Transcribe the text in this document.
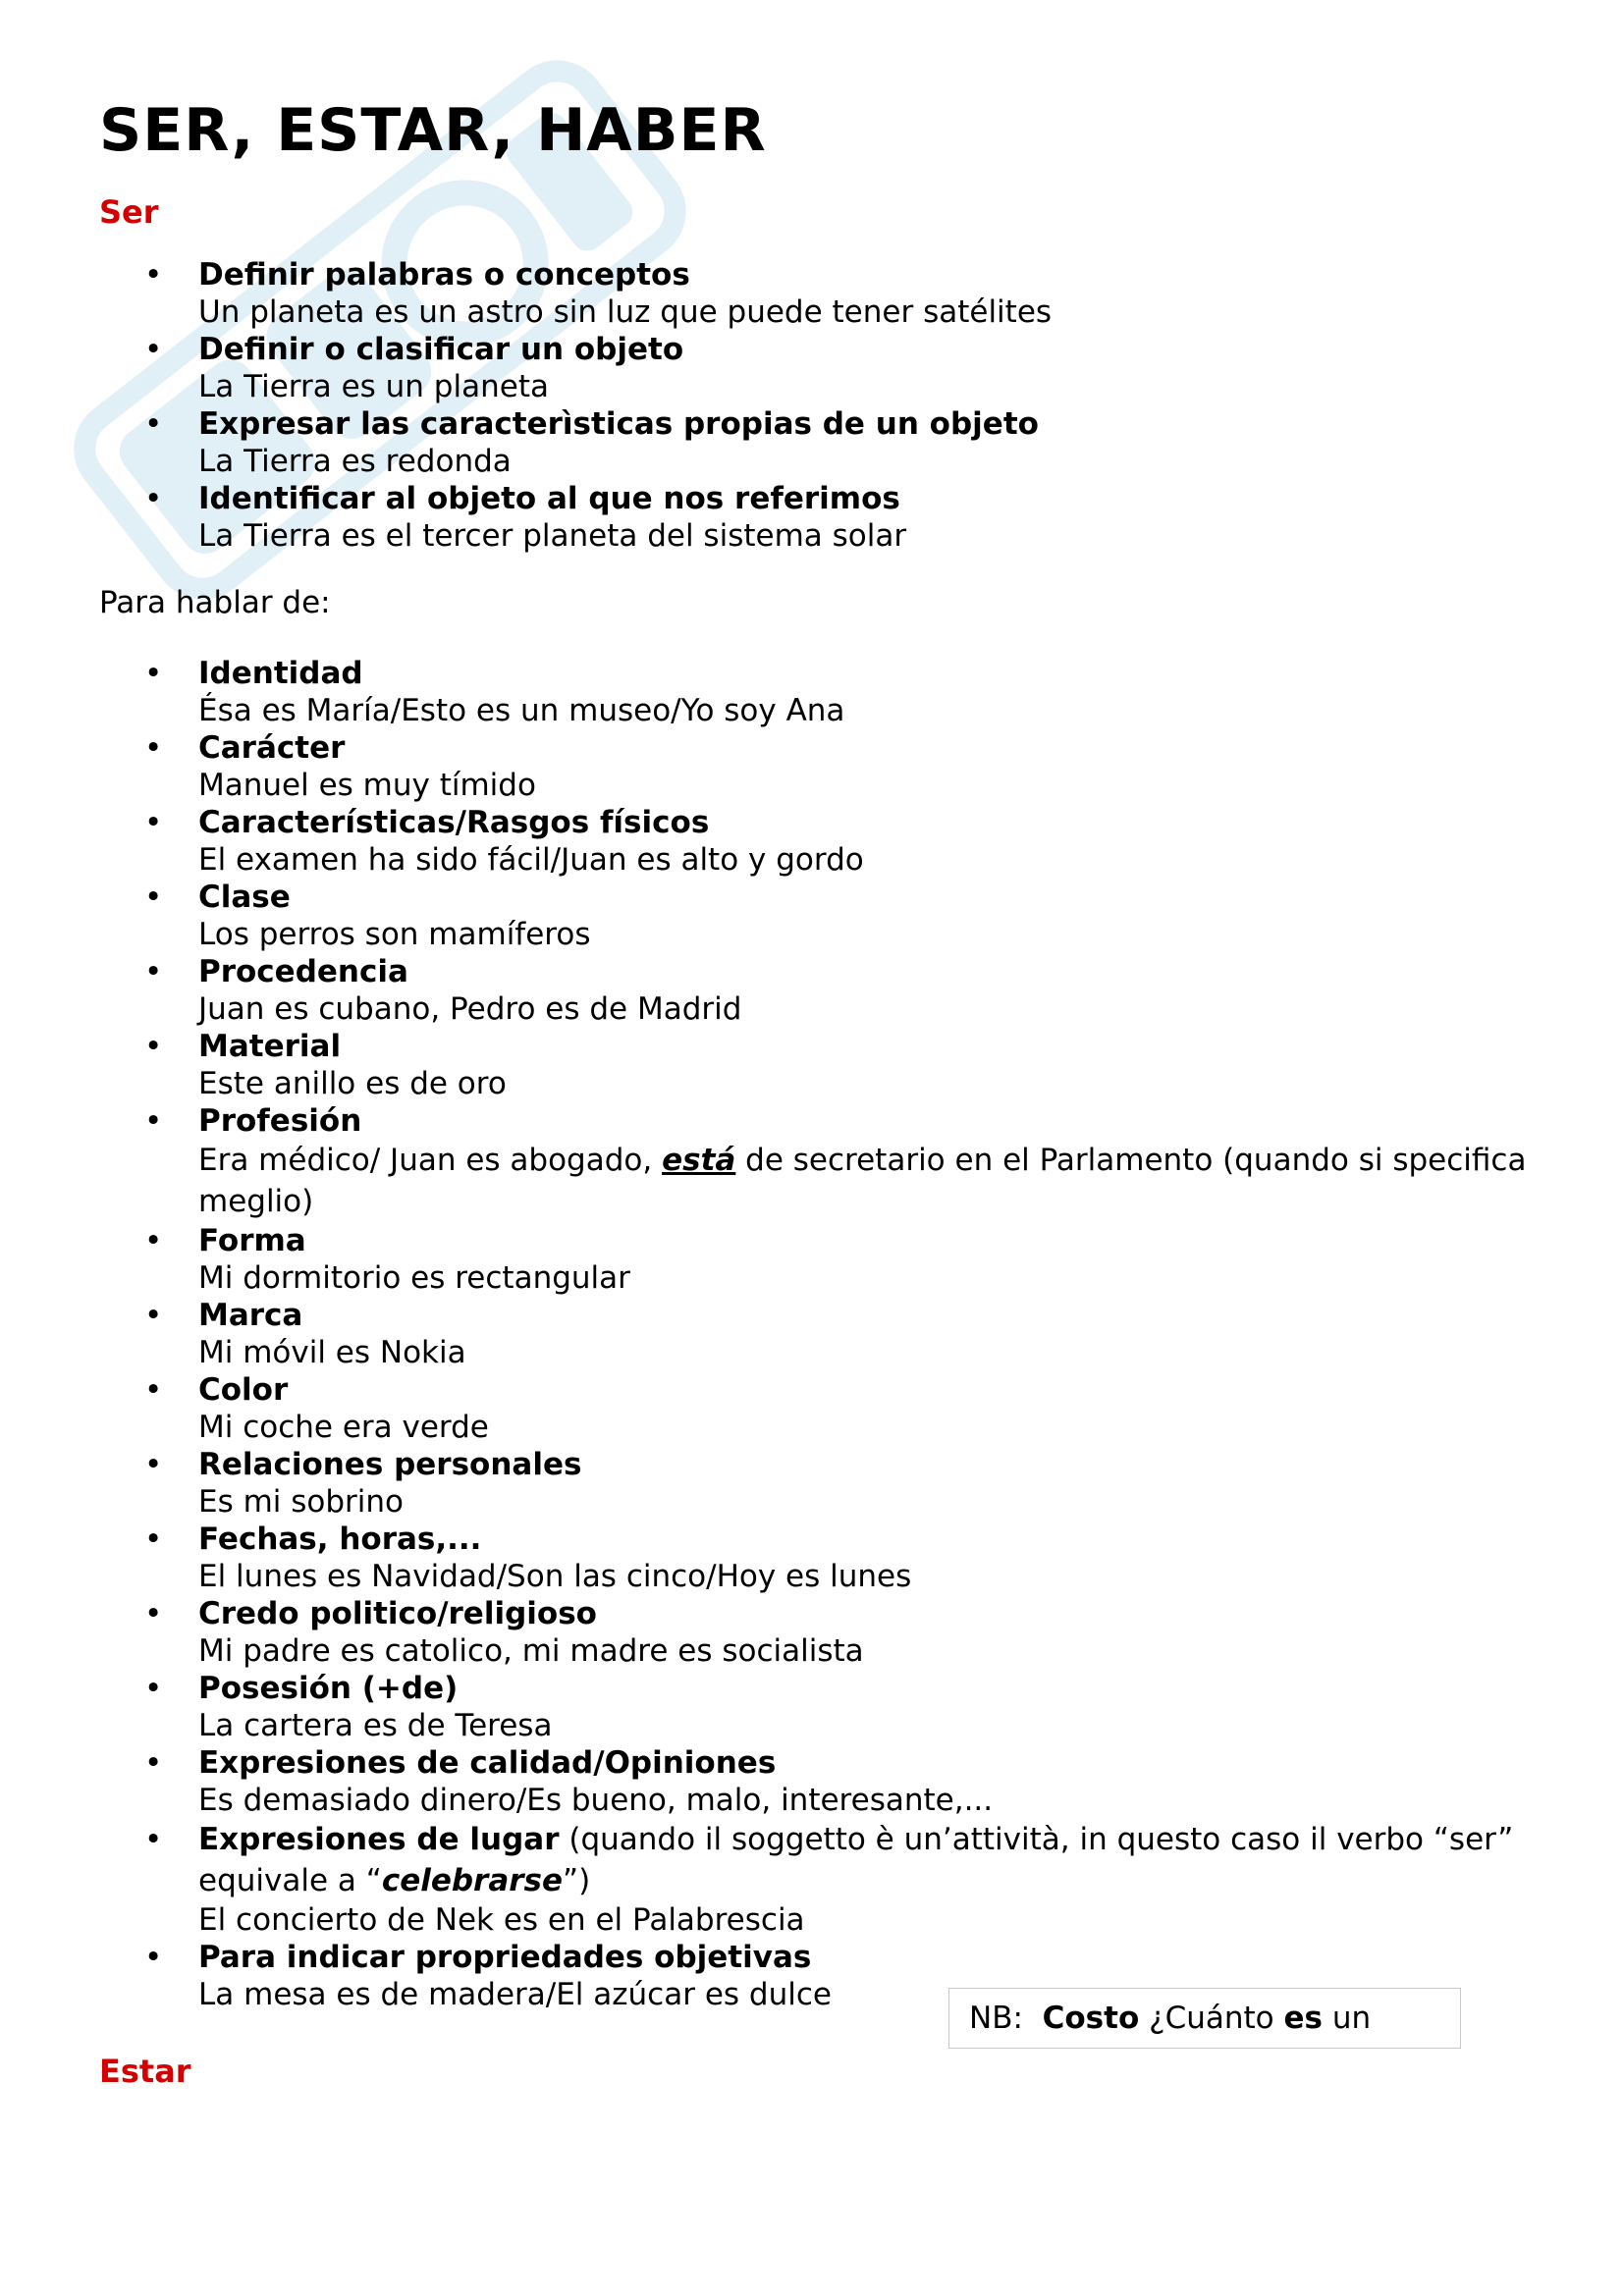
SER, ESTAR, HABER
Ser
• Definir palabras o conceptos
Un planeta es un astro sin luz que puede tener satélites
• Definir o clasificar un objeto
La Tierra es un planeta
• Expresar las caracterìsticas propias de un objeto
La Tierra es redonda
• Identificar al objeto al que nos referimos
La Tierra es el tercer planeta del sistema solar

Para hablar de:

• Identidad
Ésa es María/Esto es un museo/Yo soy Ana
• Carácter
Manuel es muy tímido
• Características/Rasgos físicos
El examen ha sido fácil/Juan es alto y gordo
• Clase
Los perros son mamíferos
• Procedencia
Juan es cubano, Pedro es de Madrid
• Material
Este anillo es de oro
• Profesión
Era médico/ Juan es abogado, está de secretario en el Parlamento (quando si specifica meglio)
• Forma
Mi dormitorio es rectangular
• Marca
Mi móvil es Nokia
• Color
Mi coche era verde
• Relaciones personales
Es mi sobrino
• Fechas, horas,...
El lunes es Navidad/Son las cinco/Hoy es lunes
• Credo politico/religioso
Mi padre es catolico, mi madre es socialista
• Posesión (+de)
La cartera es de Teresa
• Expresiones de calidad/Opiniones
Es demasiado dinero/Es bueno, malo, interesante,...
• Expresiones de lugar (quando il soggetto è un’attività, in questo caso il verbo “ser” equivale a “celebrarse”)
El concierto de Nek es en el Palabrescia
• Para indicar propriedades objetivas
La mesa es de madera/El azúcar es dulce
NB: Costo ¿Cuánto es un
Estar
